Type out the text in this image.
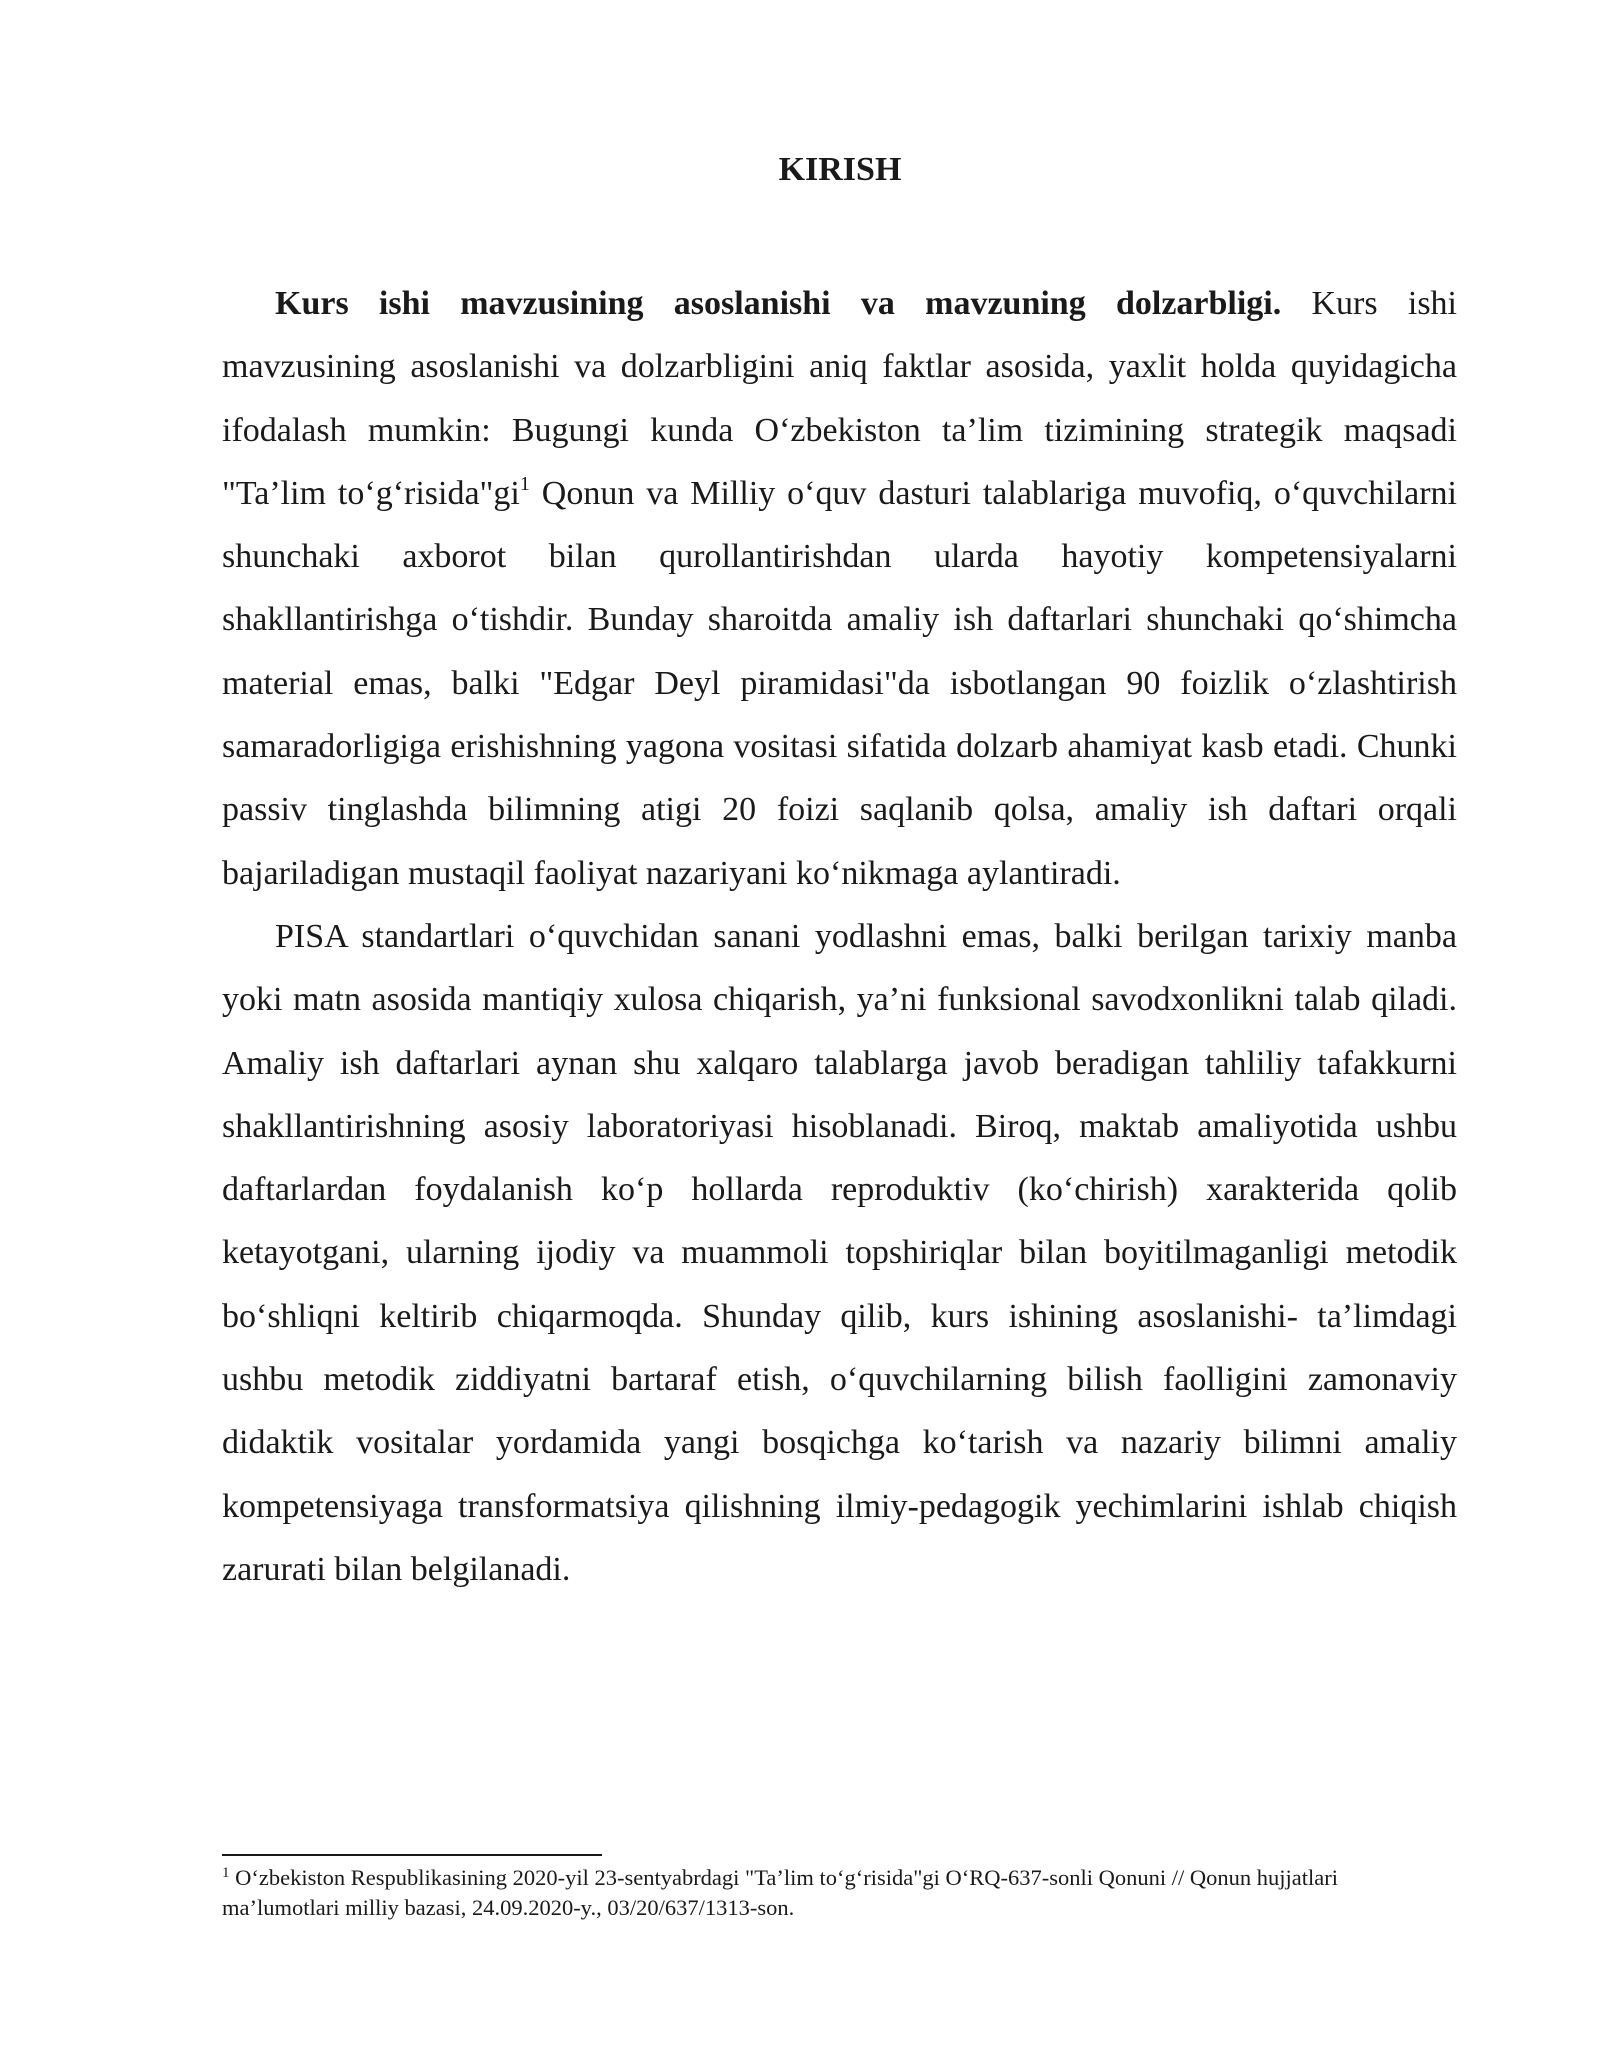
KIRISH

Kurs ishi mavzusining asoslanishi va mavzuning dolzarbligi. Kurs ishi mavzusining asoslanishi va dolzarbligini aniq faktlar asosida, yaxlit holda quyidagicha ifodalash mumkin: Bugungi kunda O‘zbekiston ta’lim tizimining strategik maqsadi "Ta’lim to‘g‘risida"gi$^1$ Qonun va Milliy o‘quv dasturi talablariga muvofiq, o‘quvchilarni shunchaki axborot bilan qurollantirishdan ularda hayotiy kompetensiyalarni shakllantirishga o‘tishdir. Bunday sharoitda amaliy ish daftarlari shunchaki qo‘shimcha material emas, balki "Edgar Deyl piramidasi"da isbotlangan 90 foizlik o‘zlashtirish samaradorligiga erishishning yagona vositasi sifatida dolzarb ahamiyat kasb etadi. Chunki passiv tinglashda bilimning atigi 20 foizi saqlanib qolsa, amaliy ish daftari orqali bajariladigan mustaqil faoliyat nazariyani ko‘nikmaga aylantiradi.

PISA standartlari o‘quvchidan sanani yodlashni emas, balki berilgan tarixiy manba yoki matn asosida mantiqiy xulosa chiqarish, ya’ni funksional savodxonlikni talab qiladi. Amaliy ish daftarlari aynan shu xalqaro talablarga javob beradigan tahliliy tafakkurni shakllantirishning asosiy laboratoriyasi hisoblanadi. Biroq, maktab amaliyotida ushbu daftarlardan foydalanish ko‘p hollarda reproduktiv (ko‘chirish) xarakterida qolib ketayotgani, ularning ijodiy va muammoli topshiriqlar bilan boyitilmaganligi metodik bo‘shliqni keltirib chiqarmoqda. Shunday qilib, kurs ishining asoslanishi- ta’limdagi ushbu metodik ziddiyatni bartaraf etish, o‘quvchilarning bilish faolligini zamonaviy didaktik vositalar yordamida yangi bosqichga ko‘tarish va nazariy bilimni amaliy kompetensiyaga transformatsiya qilishning ilmiy-pedagogik yechimlarini ishlab chiqish zarurati bilan belgilanadi.

$^1$ O‘zbekiston Respublikasining 2020-yil 23-sentyabrdagi "Ta’lim to‘g‘risida"gi O‘RQ-637-sonli Qonuni // Qonun hujjatlari ma’lumotlari milliy bazasi, 24.09.2020-y., 03/20/637/1313-son.
